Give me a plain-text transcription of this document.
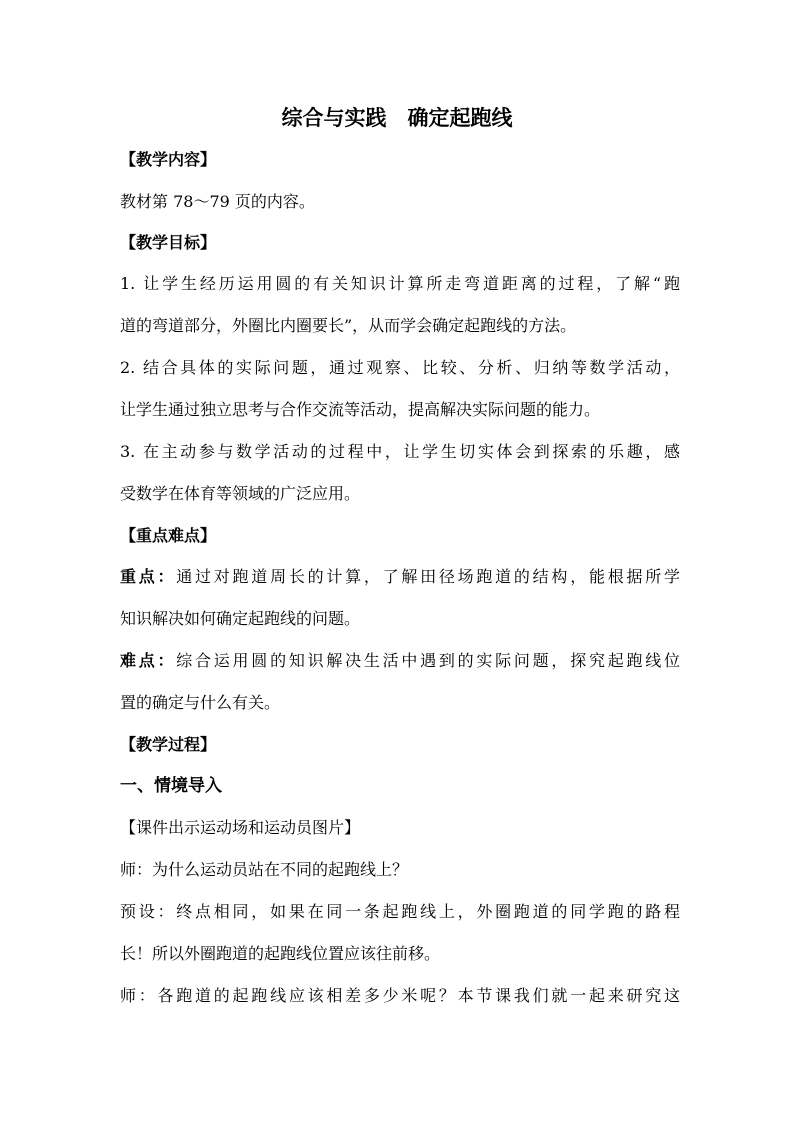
综合与实践　确定起跑线
【教学内容】
教材第 78～79 页的内容。
【教学目标】
1. 让学生经历运用圆的有关知识计算所走弯道距离的过程，了解“跑
道的弯道部分，外圈比内圈要长”，从而学会确定起跑线的方法。
2. 结合具体的实际问题，通过观察、比较、分析、归纳等数学活动，
让学生通过独立思考与合作交流等活动，提高解决实际问题的能力。
3. 在主动参与数学活动的过程中，让学生切实体会到探索的乐趣，感
受数学在体育等领域的广泛应用。
【重点难点】
重点：通过对跑道周长的计算，了解田径场跑道的结构，能根据所学
知识解决如何确定起跑线的问题。
难点：综合运用圆的知识解决生活中遇到的实际问题，探究起跑线位
置的确定与什么有关。
【教学过程】
一、情境导入
【课件出示运动场和运动员图片】
师：为什么运动员站在不同的起跑线上？
预设：终点相同，如果在同一条起跑线上，外圈跑道的同学跑的路程
长！所以外圈跑道的起跑线位置应该往前移。
师：各跑道的起跑线应该相差多少米呢？本节课我们就一起来研究这
